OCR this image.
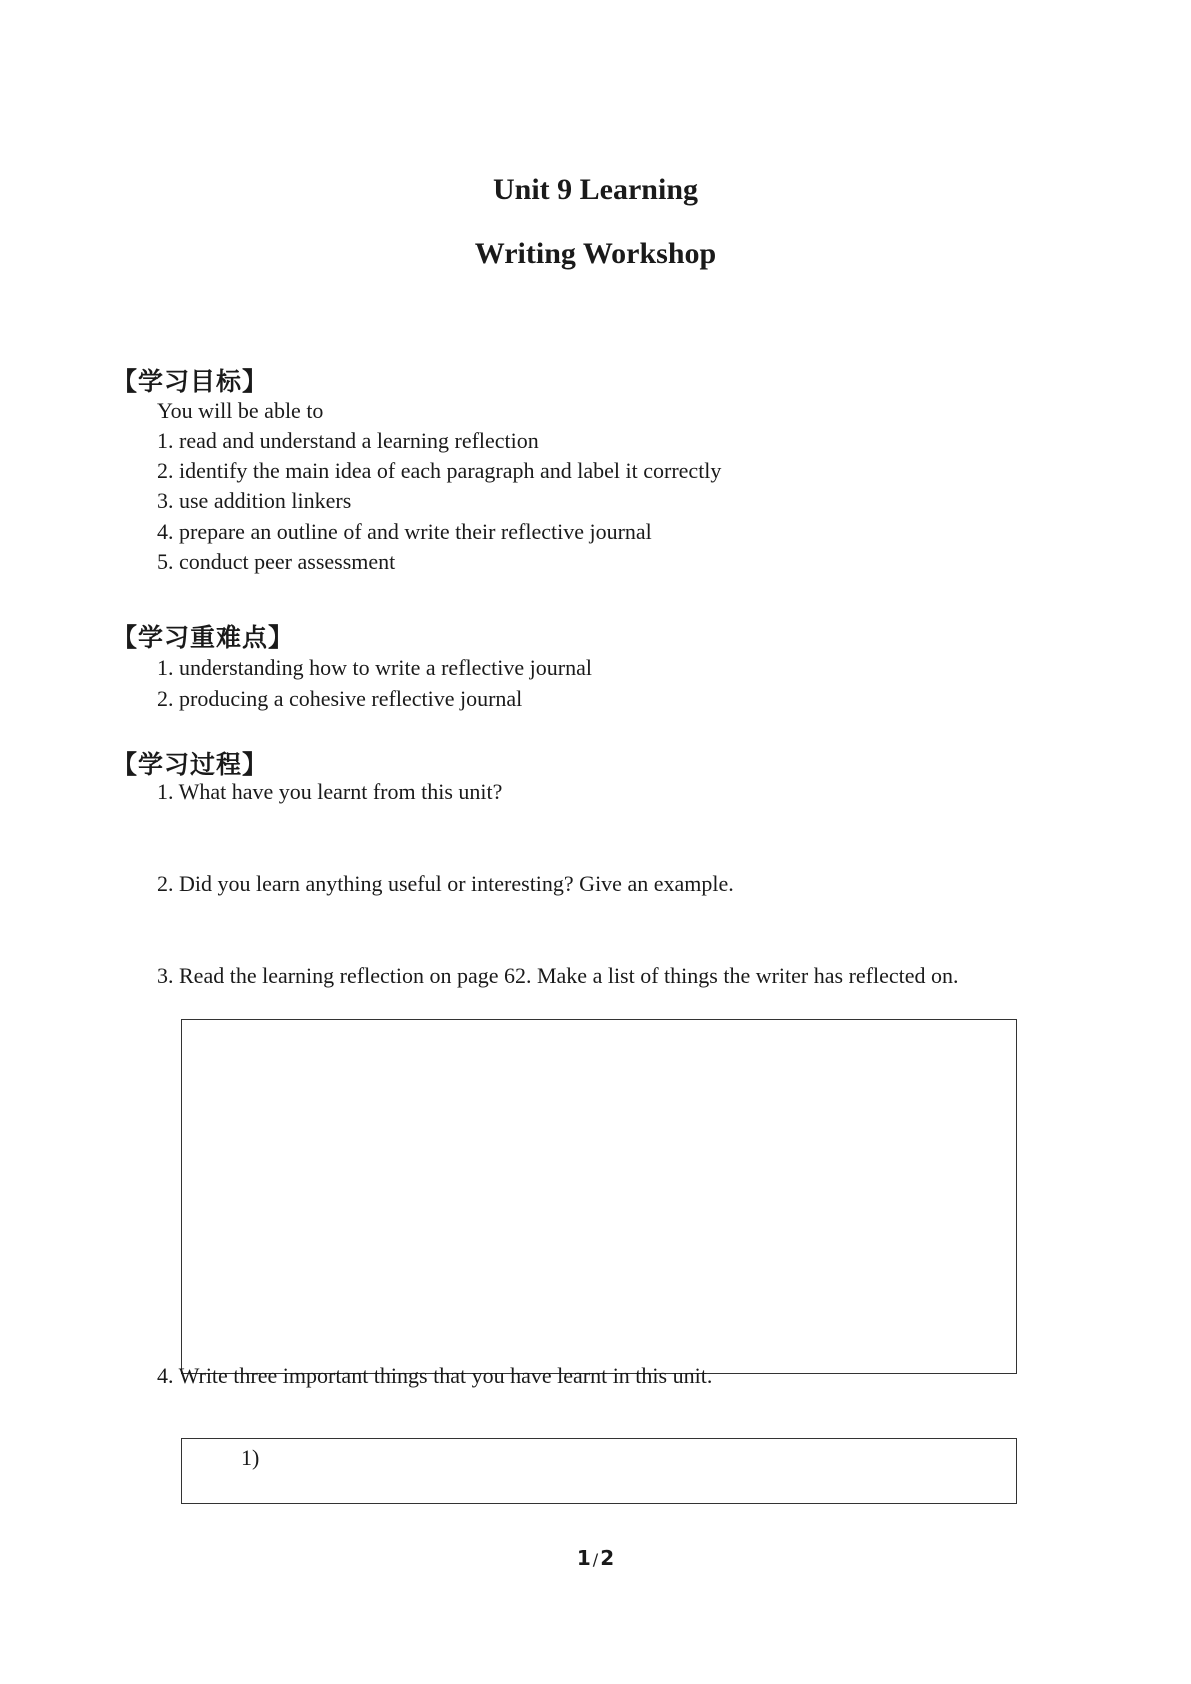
Unit 9 Learning
Writing Workshop
【学习目标】

You will be able to

1. read and understand a learning reflection

2. identify the main idea of each paragraph and label it correctly

3. use addition linkers

4. prepare an outline of and write their reflective journal

5. conduct peer assessment

【学习重难点】

1. understanding how to write a reflective journal

2. producing a cohesive reflective journal

【学习过程】

1. What have you learnt from this unit?

2. Did you learn anything useful or interesting? Give an example.

3. Read the learning reflection on page 62. Make a list of things the writer has reflected on.

4. Write three important things that you have learnt in this unit.

1)

1 / 2
